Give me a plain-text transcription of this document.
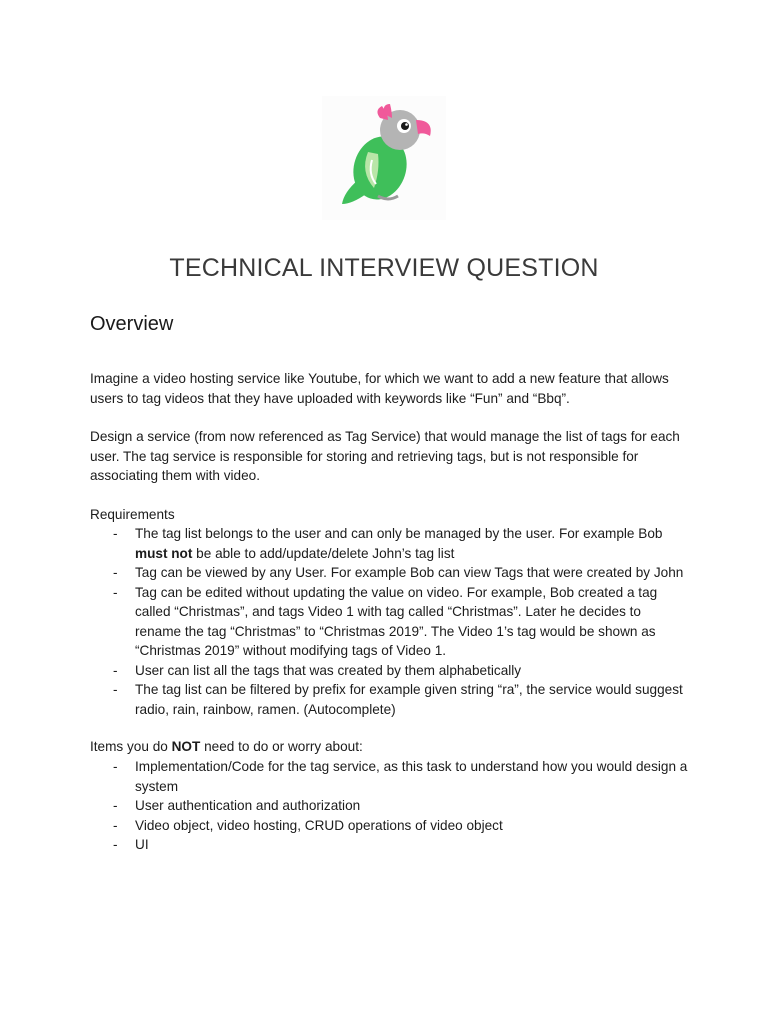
TECHNICAL INTERVIEW QUESTION
Overview

Imagine a video hosting service like Youtube, for which we want to add a new feature that allows users to tag videos that they have uploaded with keywords like “Fun” and “Bbq”.

Design a service (from now referenced as Tag Service) that would manage the list of tags for each user. The tag service is responsible for storing and retrieving tags, but is not responsible for associating them with video.

Requirements

- The tag list belongs to the user and can only be managed by the user. For example Bob must not be able to add/update/delete John’s tag list
- Tag can be viewed by any User. For example Bob can view Tags that were created by John
- Tag can be edited without updating the value on video. For example, Bob created a tag called “Christmas”, and tags Video 1 with tag called “Christmas”. Later he decides to rename the tag “Christmas” to “Christmas 2019”. The Video 1’s tag would be shown as “Christmas 2019” without modifying tags of Video 1.
- User can list all the tags that was created by them alphabetically
- The tag list can be filtered by prefix for example given string “ra”, the service would suggest radio, rain, rainbow, ramen. (Autocomplete)

Items you do NOT need to do or worry about:

- Implementation/Code for the tag service, as this task to understand how you would design a system
- User authentication and authorization
- Video object, video hosting, CRUD operations of video object
- UI
